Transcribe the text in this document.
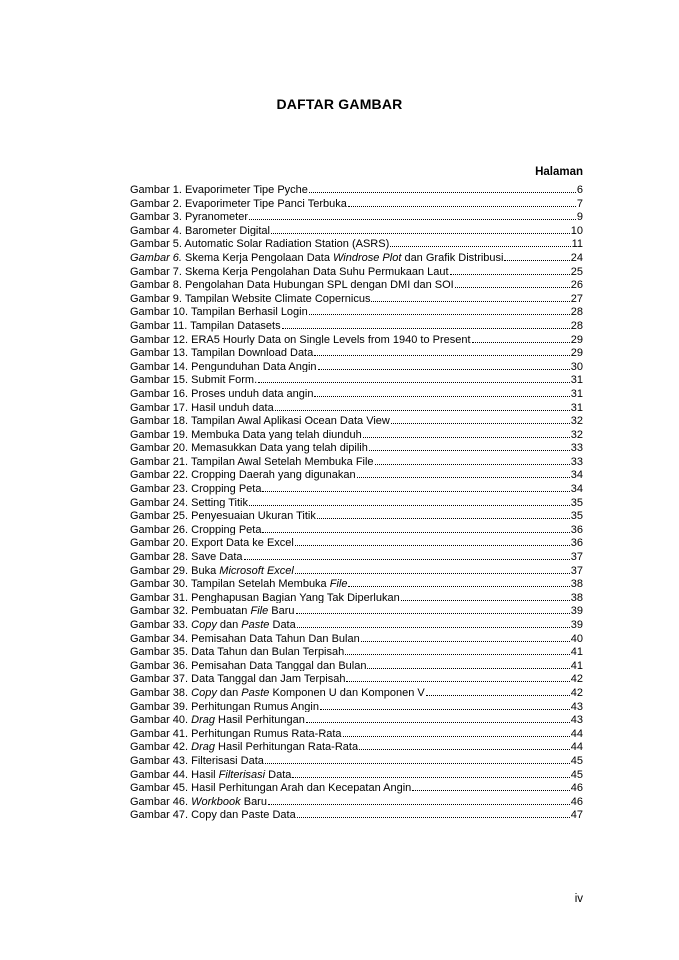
DAFTAR GAMBAR
Halaman
Gambar 1. Evaporimeter Tipe Pyche	6
Gambar 2. Evaporimeter Tipe Panci Terbuka	7
Gambar 3. Pyranometer	9
Gambar 4. Barometer Digital	10
Gambar 5. Automatic Solar Radiation Station (ASRS)	11
Gambar 6. Skema Kerja Pengolaan Data Windrose Plot dan Grafik Distribusi	24
Gambar 7. Skema Kerja Pengolahan Data Suhu Permukaan Laut	25
Gambar 8. Pengolahan Data Hubungan SPL dengan DMI dan SOI	26
Gambar 9. Tampilan Website Climate Copernicus	27
Gambar 10. Tampilan Berhasil Login	28
Gambar 11. Tampilan Datasets	28
Gambar 12. ERA5 Hourly Data on Single Levels from 1940 to Present	29
Gambar 13. Tampilan Download Data	29
Gambar 14. Pengunduhan Data Angin	30
Gambar 15. Submit Form.	31
Gambar 16. Proses unduh data angin	31
Gambar 17. Hasil unduh data	31
Gambar 18. Tampilan Awal Aplikasi Ocean Data View	32
Gambar 19. Membuka Data yang telah diunduh	32
Gambar 20. Memasukkan Data yang telah dipilih	33
Gambar 21. Tampilan Awal Setelah Membuka File	33
Gambar 22. Cropping Daerah yang digunakan	34
Gambar 23. Cropping Peta	34
Gambar 24. Setting Titik	35
Gambar 25. Penyesuaian Ukuran Titik	35
Gambar 26. Cropping Peta	36
Gambar 20. Export Data ke Excel	36
Gambar 28. Save Data	37
Gambar 29. Buka Microsoft Excel	37
Gambar 30. Tampilan Setelah Membuka File	38
Gambar 31. Penghapusan Bagian Yang Tak Diperlukan	38
Gambar 32. Pembuatan File Baru	39
Gambar 33. Copy dan Paste Data	39
Gambar 34. Pemisahan Data Tahun Dan Bulan	40
Gambar 35. Data Tahun dan Bulan Terpisah	41
Gambar 36. Pemisahan Data Tanggal dan Bulan	41
Gambar 37. Data Tanggal dan Jam Terpisah	42
Gambar 38. Copy dan Paste Komponen U dan Komponen V	42
Gambar 39. Perhitungan Rumus Angin	43
Gambar 40. Drag Hasil Perhitungan	43
Gambar 41. Perhitungan Rumus Rata-Rata	44
Gambar 42. Drag Hasil Perhitungan Rata-Rata	44
Gambar 43. Filterisasi Data	45
Gambar 44. Hasil Filterisasi Data	45
Gambar 45. Hasil Perhitungan Arah dan Kecepatan Angin	46
Gambar 46. Workbook Baru	46
Gambar 47. Copy dan Paste Data	47
iv
